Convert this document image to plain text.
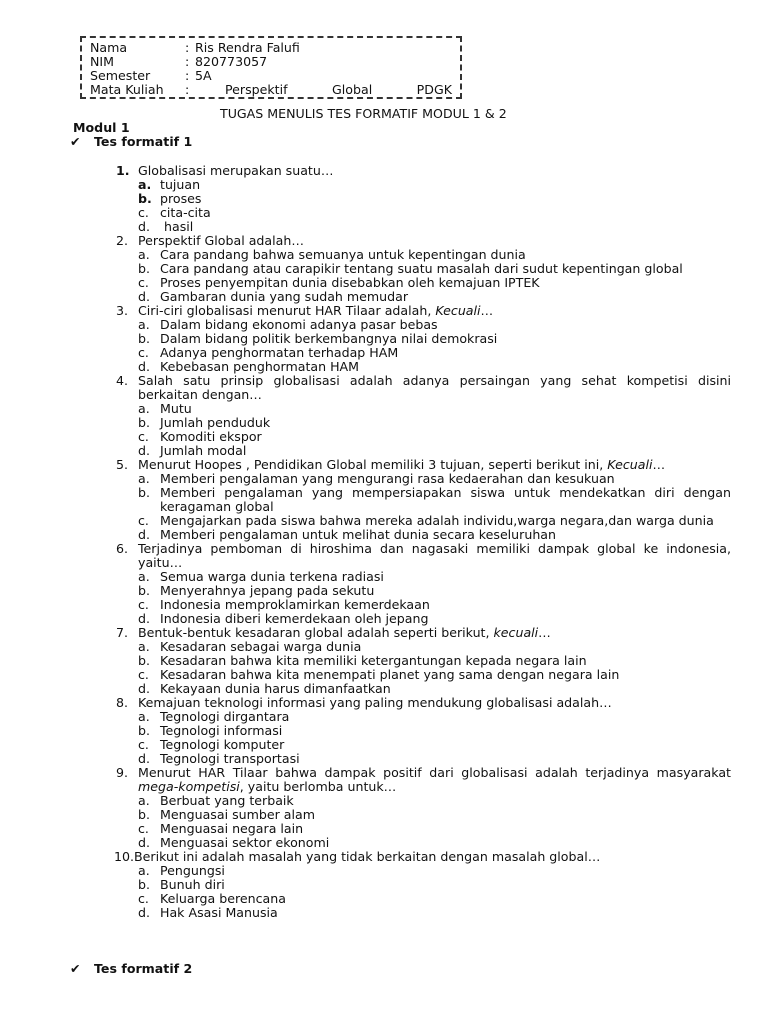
Nama	: Ris Rendra Falufi
NIM	: 820773057
Semester	: 5A
Mata Kuliah	:	Perspektif	Global	PDGK
TUGAS MENULIS TES FORMATIF MODUL 1 & 2
Modul 1
✔ Tes formatif 1
1. Globalisasi merupakan suatu…
a. tujuan
b. proses
c. cita-cita
d.	hasil
2. Perspektif Global adalah…
a. Cara pandang bahwa semuanya untuk kepentingan dunia
b. Cara pandang atau carapikir tentang suatu masalah dari sudut kepentingan global
c. Proses penyempitan dunia disebabkan oleh kemajuan IPTEK
d. Gambaran dunia yang sudah memudar
3. Ciri-ciri globalisasi menurut HAR Tilaar adalah, Kecuali…
a. Dalam bidang ekonomi adanya pasar bebas
b. Dalam bidang politik berkembangnya nilai demokrasi
c. Adanya penghormatan terhadap HAM
d. Kebebasan penghormatan HAM
4. Salah satu prinsip globalisasi adalah adanya persaingan yang sehat kompetisi disini berkaitan dengan…
a. Mutu
b. Jumlah penduduk
c. Komoditi ekspor
d. Jumlah modal
5. Menurut Hoopes , Pendidikan Global memiliki 3 tujuan, seperti berikut ini, Kecuali…
a. Memberi pengalaman yang mengurangi rasa kedaerahan dan kesukuan
b. Memberi pengalaman yang mempersiapakan siswa untuk mendekatkan diri dengan keragaman global
c. Mengajarkan pada siswa bahwa mereka adalah individu,warga negara,dan warga dunia
d. Memberi pengalaman untuk melihat dunia secara keseluruhan
6. Terjadinya pemboman di hiroshima dan nagasaki memiliki dampak global ke indonesia, yaitu…
a. Semua warga dunia terkena radiasi
b. Menyerahnya jepang pada sekutu
c. Indonesia memproklamirkan kemerdekaan
d. Indonesia diberi kemerdekaan oleh jepang
7. Bentuk-bentuk kesadaran global adalah seperti berikut, kecuali…
a. Kesadaran sebagai warga dunia
b. Kesadaran bahwa kita memiliki ketergantungan kepada negara lain
c. Kesadaran bahwa kita menempati planet yang sama dengan negara lain
d. Kekayaan dunia harus dimanfaatkan
8. Kemajuan teknologi informasi yang paling mendukung globalisasi adalah…
a. Tegnologi dirgantara
b. Tegnologi informasi
c. Tegnologi komputer
d. Tegnologi transportasi
9. Menurut HAR Tilaar bahwa dampak positif dari globalisasi adalah terjadinya masyarakat mega-kompetisi, yaitu berlomba untuk…
a. Berbuat yang terbaik
b. Menguasai sumber alam
c. Menguasai negara lain
d. Menguasai sektor ekonomi
10. Berikut ini adalah masalah yang tidak berkaitan dengan masalah global…
a. Pengungsi
b. Bunuh diri
c. Keluarga berencana
d. Hak Asasi Manusia
✔ Tes formatif 2
